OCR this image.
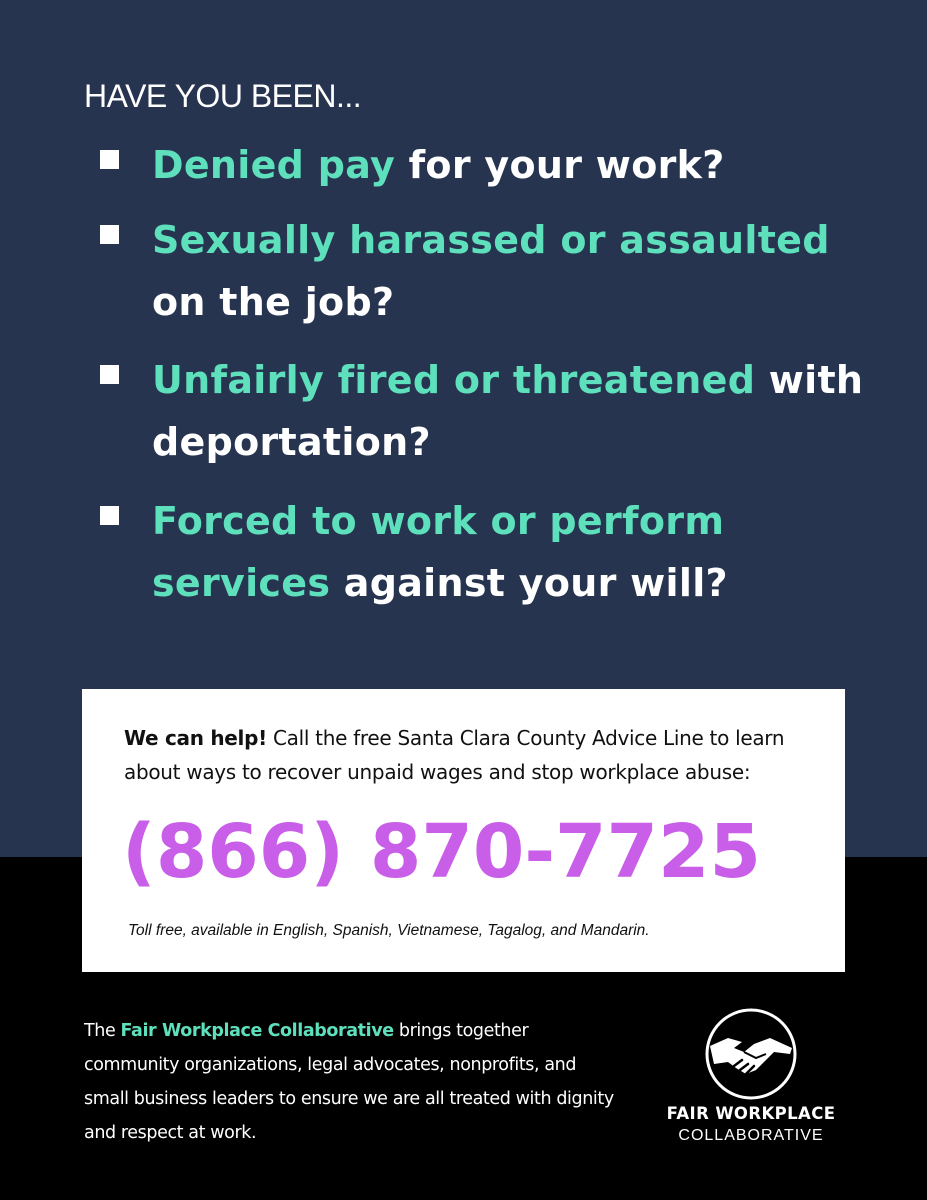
HAVE YOU BEEN...
Denied pay for your work?
Sexually harassed or assaulted on the job?
Unfairly fired or threatened with deportation?
Forced to work or perform services against your will?
We can help! Call the free Santa Clara County Advice Line to learn about ways to recover unpaid wages and stop workplace abuse:
(866) 870-7725
Toll free, available in English, Spanish, Vietnamese, Tagalog, and Mandarin.
The Fair Workplace Collaborative brings together community organizations, legal advocates, nonprofits, and small business leaders to ensure we are all treated with dignity and respect at work.
FAIR WORKPLACE
COLLABORATIVE
